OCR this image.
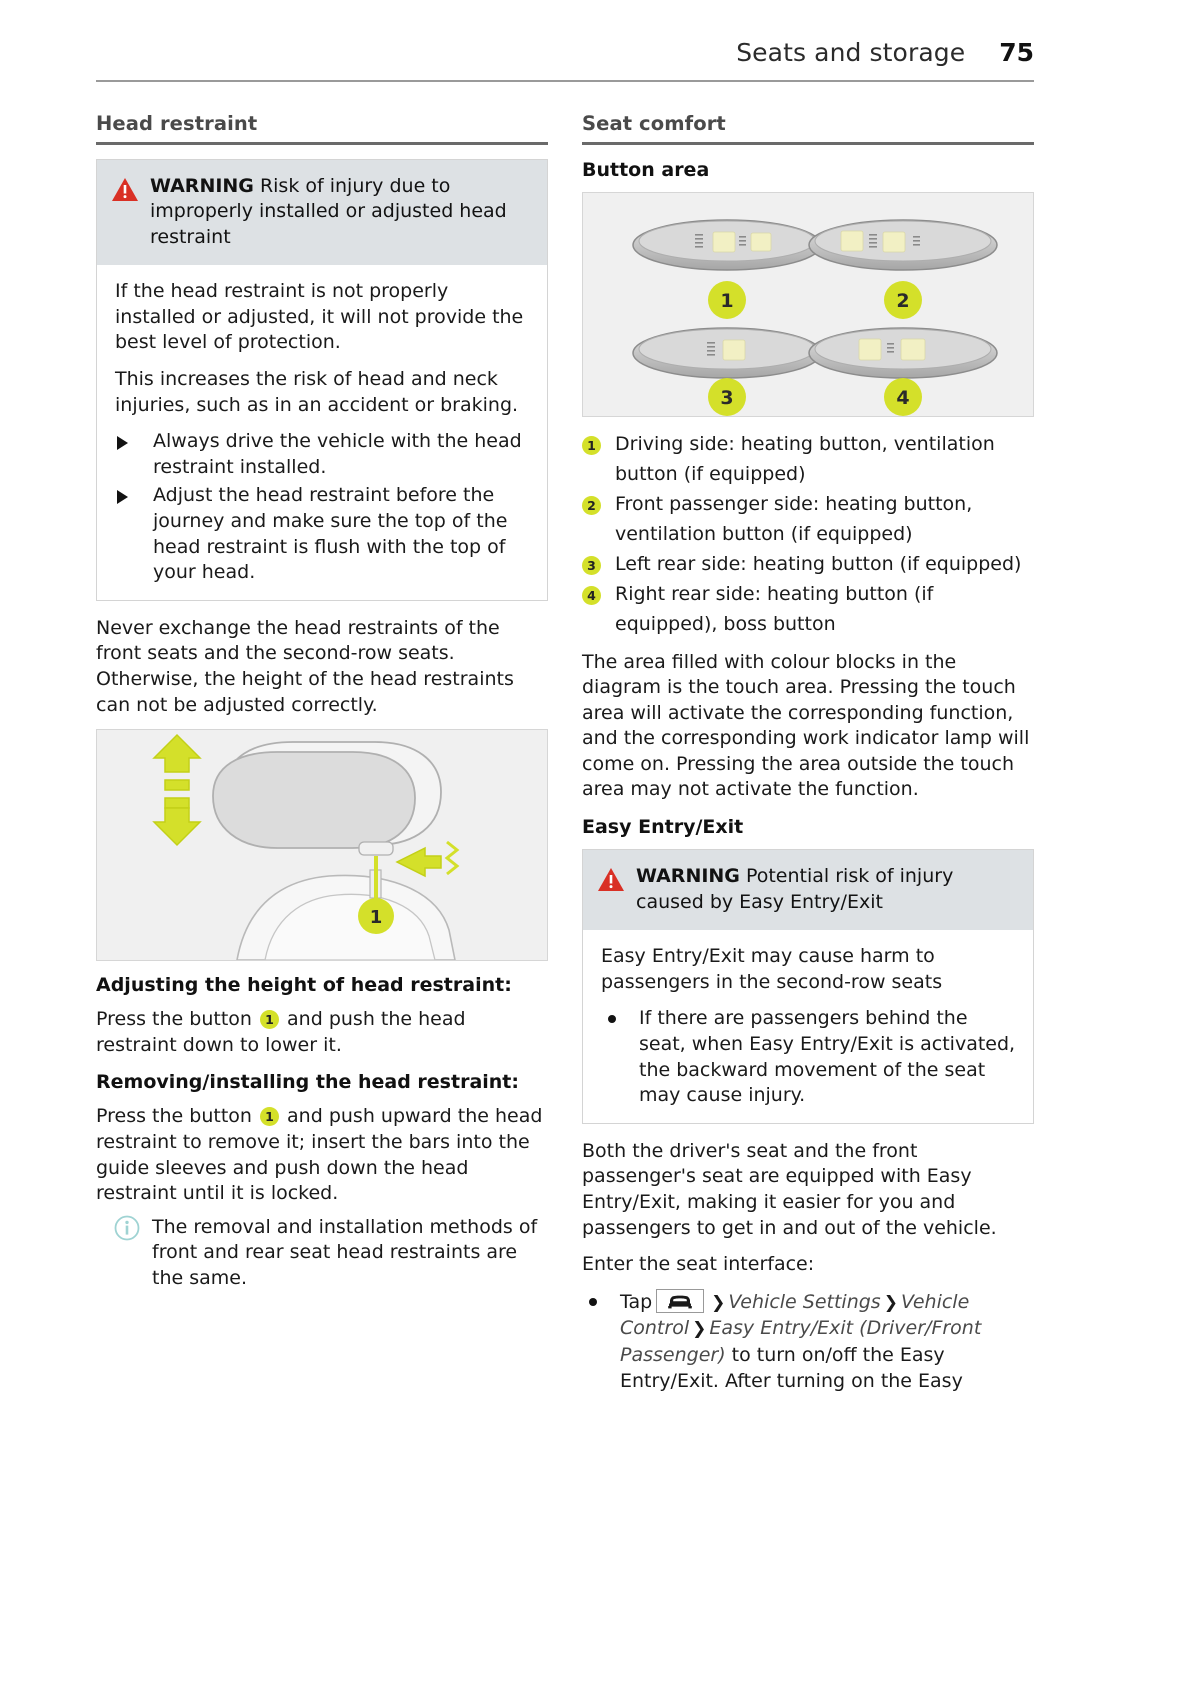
Seats and storage 75
Head restraint
WARNING Risk of injury due to improperly installed or adjusted head restraint

If the head restraint is not properly installed or adjusted, it will not provide the best level of protection.

This increases the risk of head and neck injuries, such as in an accident or braking.

Always drive the vehicle with the head restraint installed.
Adjust the head restraint before the journey and make sure the top of the head restraint is flush with the top of your head.

Never exchange the head restraints of the front seats and the second-row seats. Otherwise, the height of the head restraints can not be adjusted correctly.

1
Adjusting the height of head restraint:

Press the button 1 and push the head restraint down to lower it.

Removing/installing the head restraint:

Press the button 1 and push upward the head restraint to remove it; insert the bars into the guide sleeves and push down the head restraint until it is locked.

The removal and installation methods of front and rear seat head restraints are the same.
Seat comfort
Button area
1	2
3	4
1 Driving side: heating button, ventilation button (if equipped)
2 Front passenger side: heating button, ventilation button (if equipped)
3 Left rear side: heating button (if equipped)
4 Right rear side: heating button (if equipped), boss button

The area filled with colour blocks in the diagram is the touch area. Pressing the touch area will activate the corresponding function, and the corresponding work indicator lamp will come on. Pressing the area outside the touch area may not activate the function.

Easy Entry/Exit
WARNING Potential risk of injury caused by Easy Entry/Exit

Easy Entry/Exit may cause harm to passengers in the second-row seats

If there are passengers behind the seat, when Easy Entry/Exit is activated, the backward movement of the seat may cause injury.

Both the driver's seat and the front passenger's seat are equipped with Easy Entry/Exit, making it easier for you and passengers to get in and out of the vehicle.

Enter the seat interface:

Tap	❯ Vehicle Settings ❯ Vehicle Control ❯ Easy Entry/Exit (Driver/Front Passenger) to turn on/off the Easy Entry/Exit. After turning on the Easy
